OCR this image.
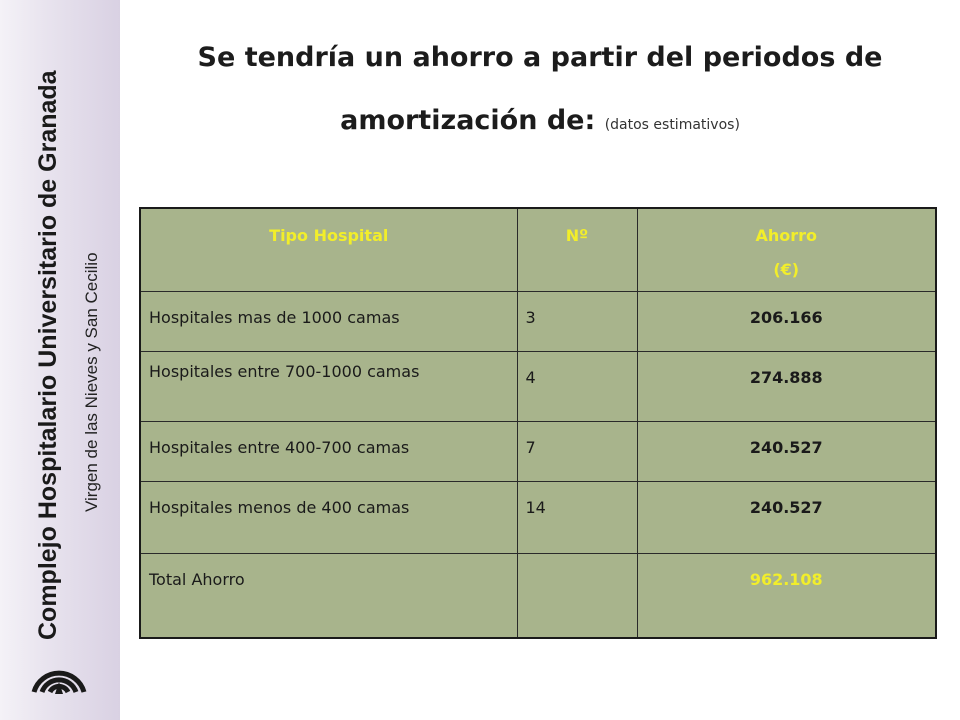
Complejo Hospitalario Universitario de Granada Virgen de las Nieves y San Cecilio
Se tendría un ahorro a partir del periodos de
amortización de: (datos estimativos)
Tipo Hospital	Nº	Ahorro
(€)

Hospitales mas de 1000 camas	3	206.166
Hospitales entre 700-1000 camas	4	274.888
Hospitales entre 400-700 camas	7	240.527
Hospitales menos de 400 camas	14	240.527
Total Ahorro		962.108
